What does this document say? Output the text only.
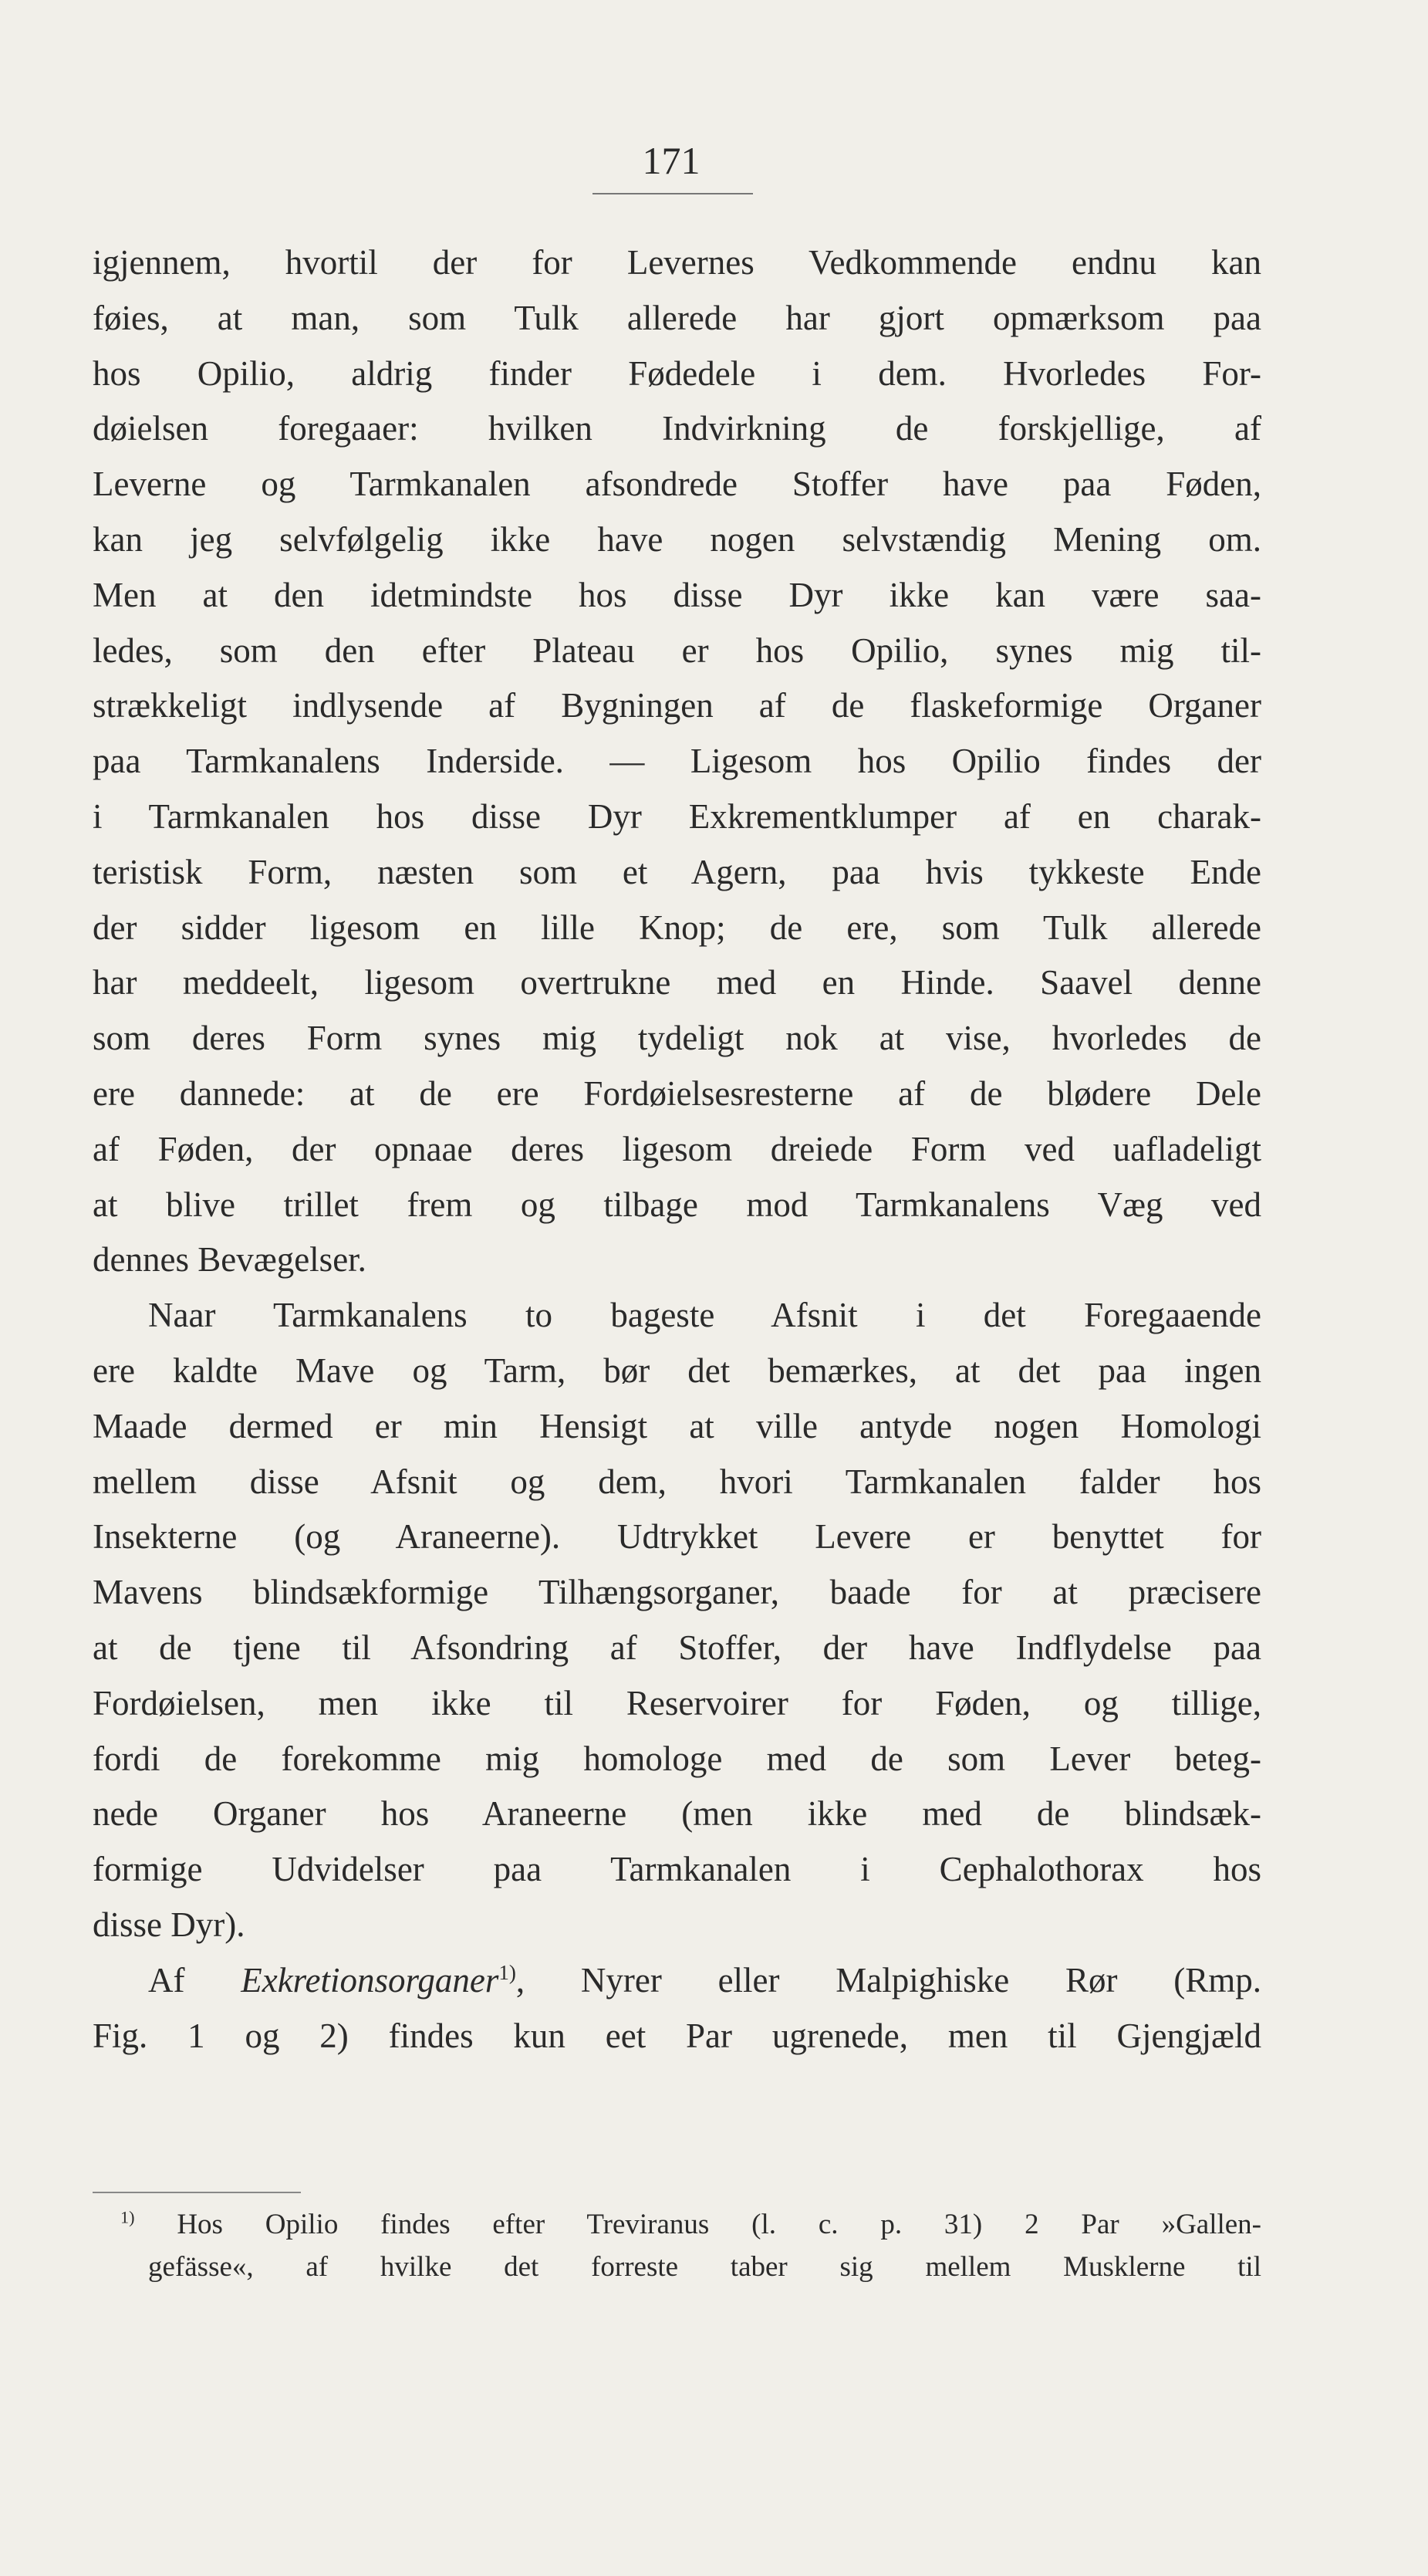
171
igjennem, hvortil der for Levernes Vedkommende endnu kan
føies, at man, som Tulk allerede har gjort opmærksom paa
hos Opilio, aldrig finder Fødedele i dem. Hvorledes For-
døielsen foregaaer: hvilken Indvirkning de forskjellige, af
Leverne og Tarmkanalen afsondrede Stoffer have paa Føden,
kan jeg selvfølgelig ikke have nogen selvstændig Mening om.
Men at den idetmindste hos disse Dyr ikke kan være saa-
ledes, som den efter Plateau er hos Opilio, synes mig til-
strækkeligt indlysende af Bygningen af de flaskeformige Organer
paa Tarmkanalens Inderside. — Ligesom hos Opilio findes der
i Tarmkanalen hos disse Dyr Exkrementklumper af en charak-
teristisk Form, næsten som et Agern, paa hvis tykkeste Ende
der sidder ligesom en lille Knop; de ere, som Tulk allerede
har meddeelt, ligesom overtrukne med en Hinde. Saavel denne
som deres Form synes mig tydeligt nok at vise, hvorledes de
ere dannede: at de ere Fordøielsesresterne af de blødere Dele
af Føden, der opnaae deres ligesom dreiede Form ved uafladeligt
at blive trillet frem og tilbage mod Tarmkanalens Væg ved
dennes Bevægelser.
Naar Tarmkanalens to bageste Afsnit i det Foregaaende
ere kaldte Mave og Tarm, bør det bemærkes, at det paa ingen
Maade dermed er min Hensigt at ville antyde nogen Homologi
mellem disse Afsnit og dem, hvori Tarmkanalen falder hos
Insekterne (og Araneerne). Udtrykket Levere er benyttet for
Mavens blindsækformige Tilhængsorganer, baade for at præcisere
at de tjene til Afsondring af Stoffer, der have Indflydelse paa
Fordøielsen, men ikke til Reservoirer for Føden, og tillige,
fordi de forekomme mig homologe med de som Lever beteg-
nede Organer hos Araneerne (men ikke med de blindsæk-
formige Udvidelser paa Tarmkanalen i Cephalothorax hos
disse Dyr).
Af Exkretionsorganer$^{1)}$, Nyrer eller Malpighiske Rør (Rmp.
Fig. 1 og 2) findes kun eet Par ugrenede, men til Gjengjæld
$^{1)}$ Hos Opilio findes efter Treviranus (l. c. p. 31) 2 Par »Gallen-
gefässe«, af hvilke det forreste taber sig mellem Musklerne til
